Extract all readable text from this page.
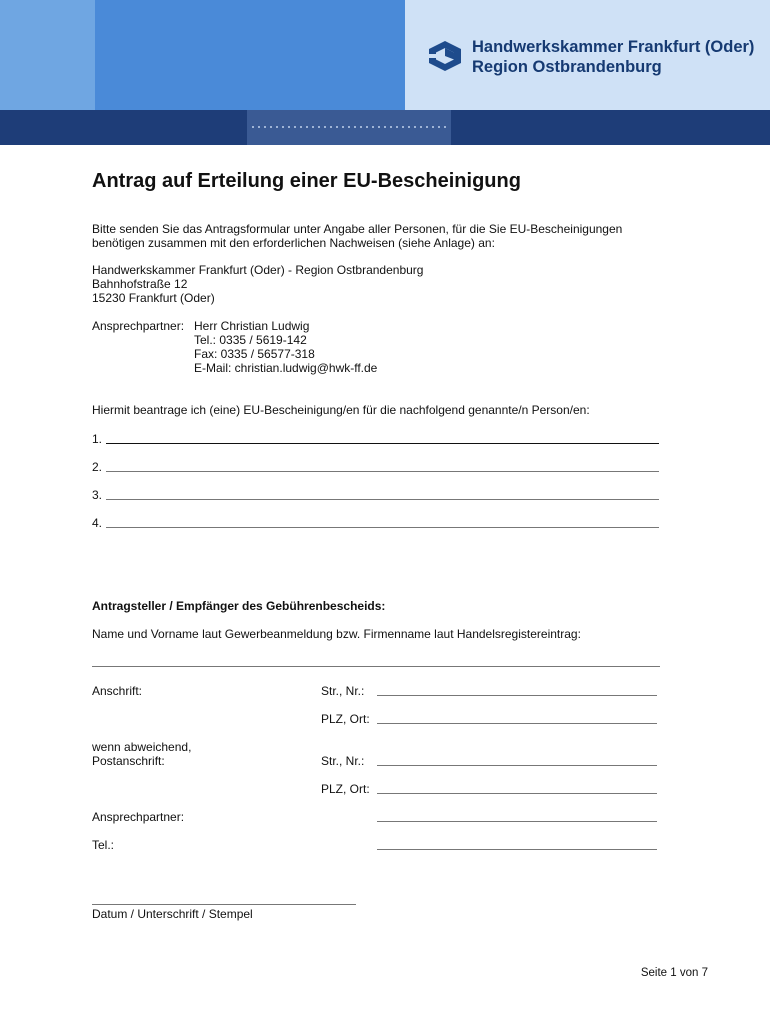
Handwerkskammer Frankfurt (Oder)
Region Ostbrandenburg
Antrag auf Erteilung einer EU-Bescheinigung
Bitte senden Sie das Antragsformular unter Angabe aller Personen, für die Sie EU-Bescheinigungen
benötigen zusammen mit den erforderlichen Nachweisen (siehe Anlage) an:
Handwerkskammer Frankfurt (Oder) - Region Ostbrandenburg
Bahnhofstraße 12
15230 Frankfurt (Oder)
Ansprechpartner: Herr Christian Ludwig
Tel.: 0335 / 5619-142
Fax: 0335 / 56577-318
E-Mail: christian.ludwig@hwk-ff.de
Hiermit beantrage ich (eine) EU-Bescheinigung/en für die nachfolgend genannte/n Person/en:
1.
2.
3.
4.
Antragsteller / Empfänger des Gebührenbescheids:
Name und Vorname laut Gewerbeanmeldung bzw. Firmenname laut Handelsregistereintrag:
Anschrift:	Str., Nr.:
PLZ, Ort:
wenn abweichend,
Postanschrift:	Str., Nr.:
PLZ, Ort:
Ansprechpartner:
Tel.:
Datum / Unterschrift / Stempel
Seite 1 von 7
